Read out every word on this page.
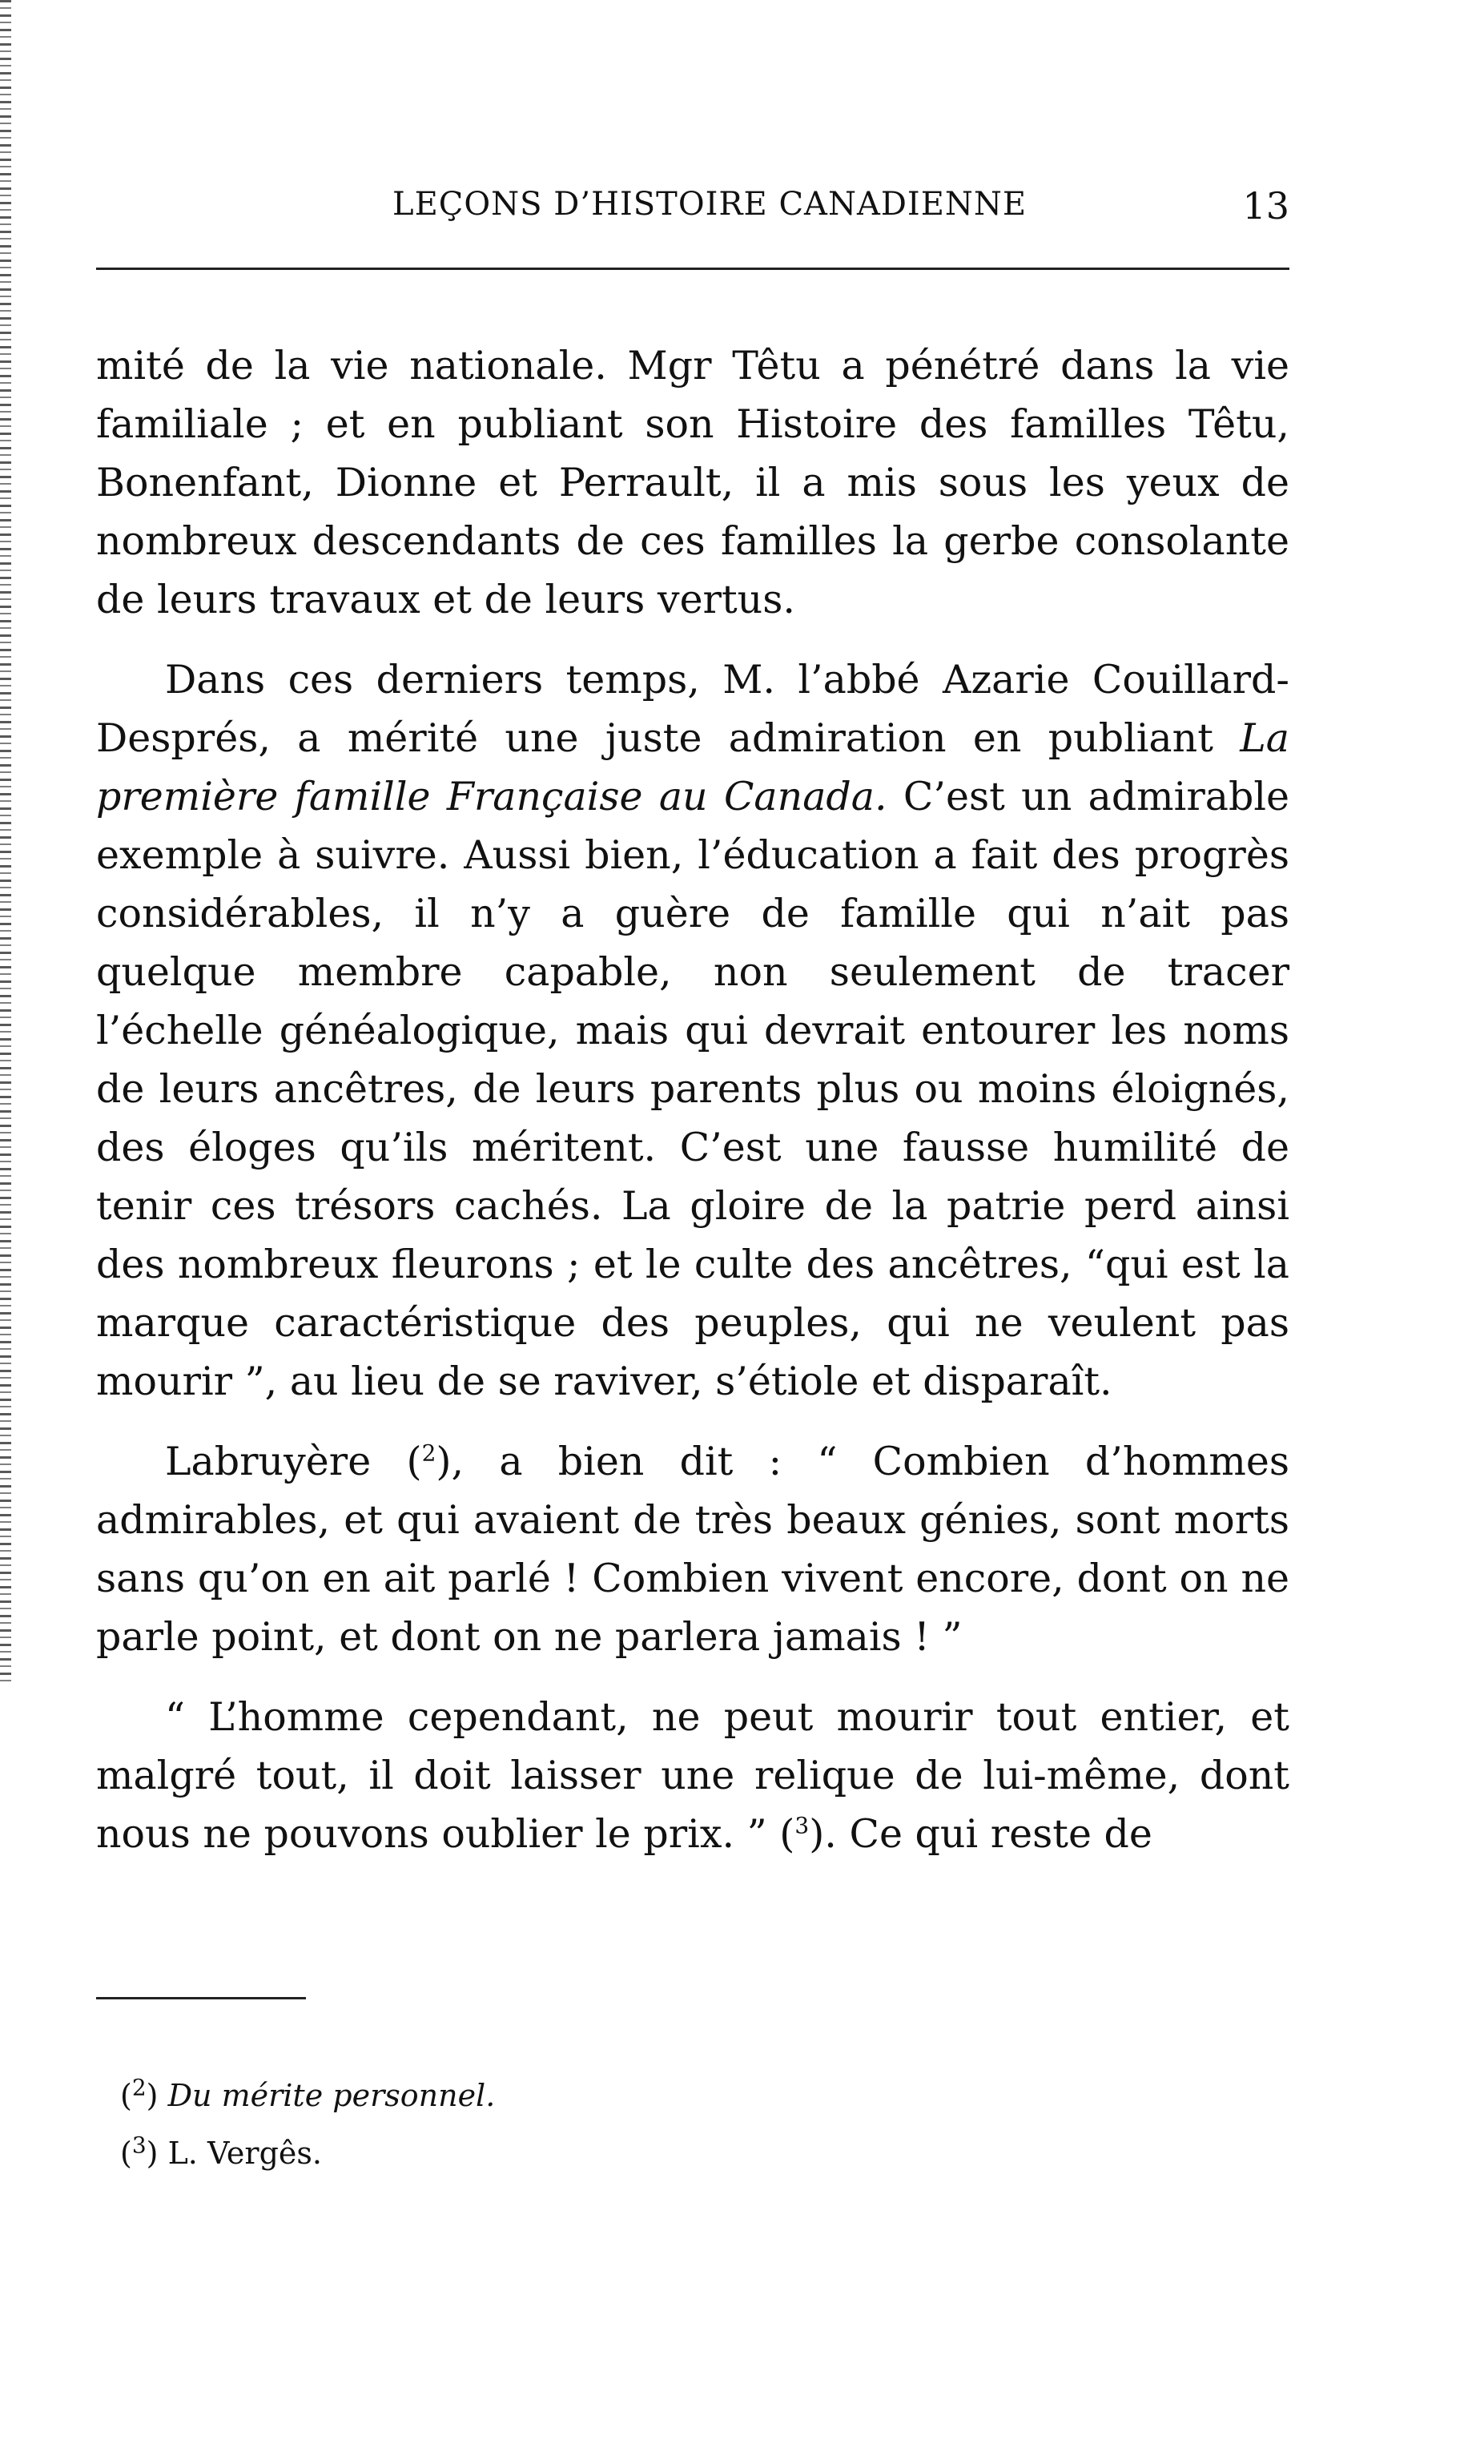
LEÇONS D’HISTOIRE CANADIENNE	13

mité de la vie nationale. Mgr Têtu a pénétré dans la vie familiale ; et en publiant son Histoire des familles Têtu, Bonenfant, Dionne et Perrault, il a mis sous les yeux de nombreux descendants de ces familles la gerbe consolante de leurs travaux et de leurs vertus.

Dans ces derniers temps, M. l’abbé Azarie Couillard-Després, a mérité une juste admiration en publiant La première famille Française au Canada. C’est un admirable exemple à suivre. Aussi bien, l’éducation a fait des progrès considérables, il n’y a guère de famille qui n’ait pas quelque membre capable, non seulement de tracer l’échelle généalogique, mais qui devrait entourer les noms de leurs ancêtres, de leurs parents plus ou moins éloignés, des éloges qu’ils méritent. C’est une fausse humilité de tenir ces trésors cachés. La gloire de la patrie perd ainsi des nombreux fleurons ; et le culte des ancêtres, “qui est la marque caractéristique des peuples, qui ne veulent pas mourir ”, au lieu de se raviver, s’étiole et disparaît.

Labruyère ($^2$), a bien dit : “ Combien d’hommes admirables, et qui avaient de très beaux génies, sont morts sans qu’on en ait parlé ! Combien vivent encore, dont on ne parle point, et dont on ne parlera jamais ! ”

“ L’homme cependant, ne peut mourir tout entier, et malgré tout, il doit laisser une relique de lui-même, dont nous ne pouvons oublier le prix. ” ($^3$). Ce qui reste de

($^2$) Du mérite personnel.

($^3$) L. Vergês.
